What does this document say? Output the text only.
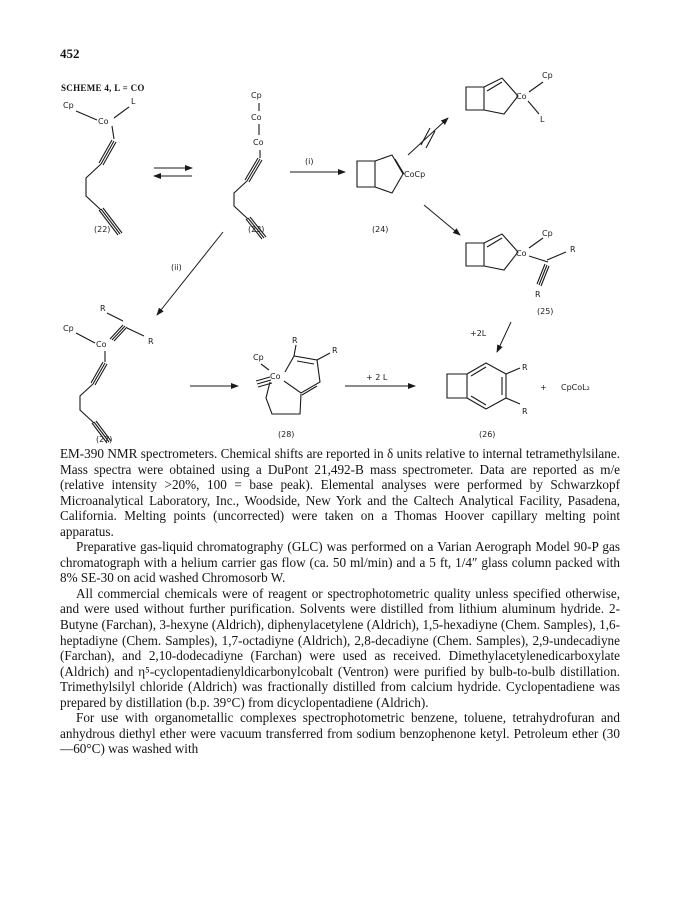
452
SCHEME 4, L = CO
Cp
Co
L
(22)
Cp
Co
Co
(23)
(i)
CoCp
(24)
Co
Cp
L
Co
Cp
R
R
(25)
(ii)
Cp
Co
R
R
Cp
Co
R
R
+ 2 L
+2L
R
R
+ CpCoL₂
(26)
(27)
(28)

EM-390 NMR spectrometers. Chemical shifts are reported in δ units relative to internal tetramethylsilane. Mass spectra were obtained using a DuPont 21,492-B mass spectrometer. Data are reported as m/e (relative intensity >20%, 100 = base peak). Elemental analyses were performed by Schwarzkopf Microanalytical Laboratory, Inc., Woodside, New York and the Caltech Analytical Facility, Pasadena, California. Melting points (uncorrected) were taken on a Thomas Hoover capillary melting point apparatus.

Preparative gas-liquid chromatography (GLC) was performed on a Varian Aerograph Model 90-P gas chromatograph with a helium carrier gas flow (ca. 50 ml/min) and a 5 ft, 1/4″ glass column packed with 8% SE-30 on acid washed Chromosorb W.

All commercial chemicals were of reagent or spectrophotometric quality unless specified otherwise, and were used without further purification. Solvents were distilled from lithium aluminum hydride. 2-Butyne (Farchan), 3-hexyne (Aldrich), diphenylacetylene (Aldrich), 1,5-hexadiyne (Chem. Samples), 1,6-heptadiyne (Chem. Samples), 1,7-octadiyne (Aldrich), 2,8-decadiyne (Chem. Samples), 2,9-undecadiyne (Farchan), and 2,10-dodecadiyne (Farchan) were used as received. Dimethylacetylenedicarboxylate (Aldrich) and η⁵-cyclopentadienyldicarbonylcobalt (Ventron) were purified by bulb-to-bulb distillation. Trimethylsilyl chloride (Aldrich) was fractionally distilled from calcium hydride. Cyclopentadiene was prepared by distillation (b.p. 39°C) from dicyclopentadiene (Aldrich).

For use with organometallic complexes spectrophotometric benzene, toluene, tetrahydrofuran and anhydrous diethyl ether were vacuum transferred from sodium benzophenone ketyl. Petroleum ether (30—60°C) was washed with
